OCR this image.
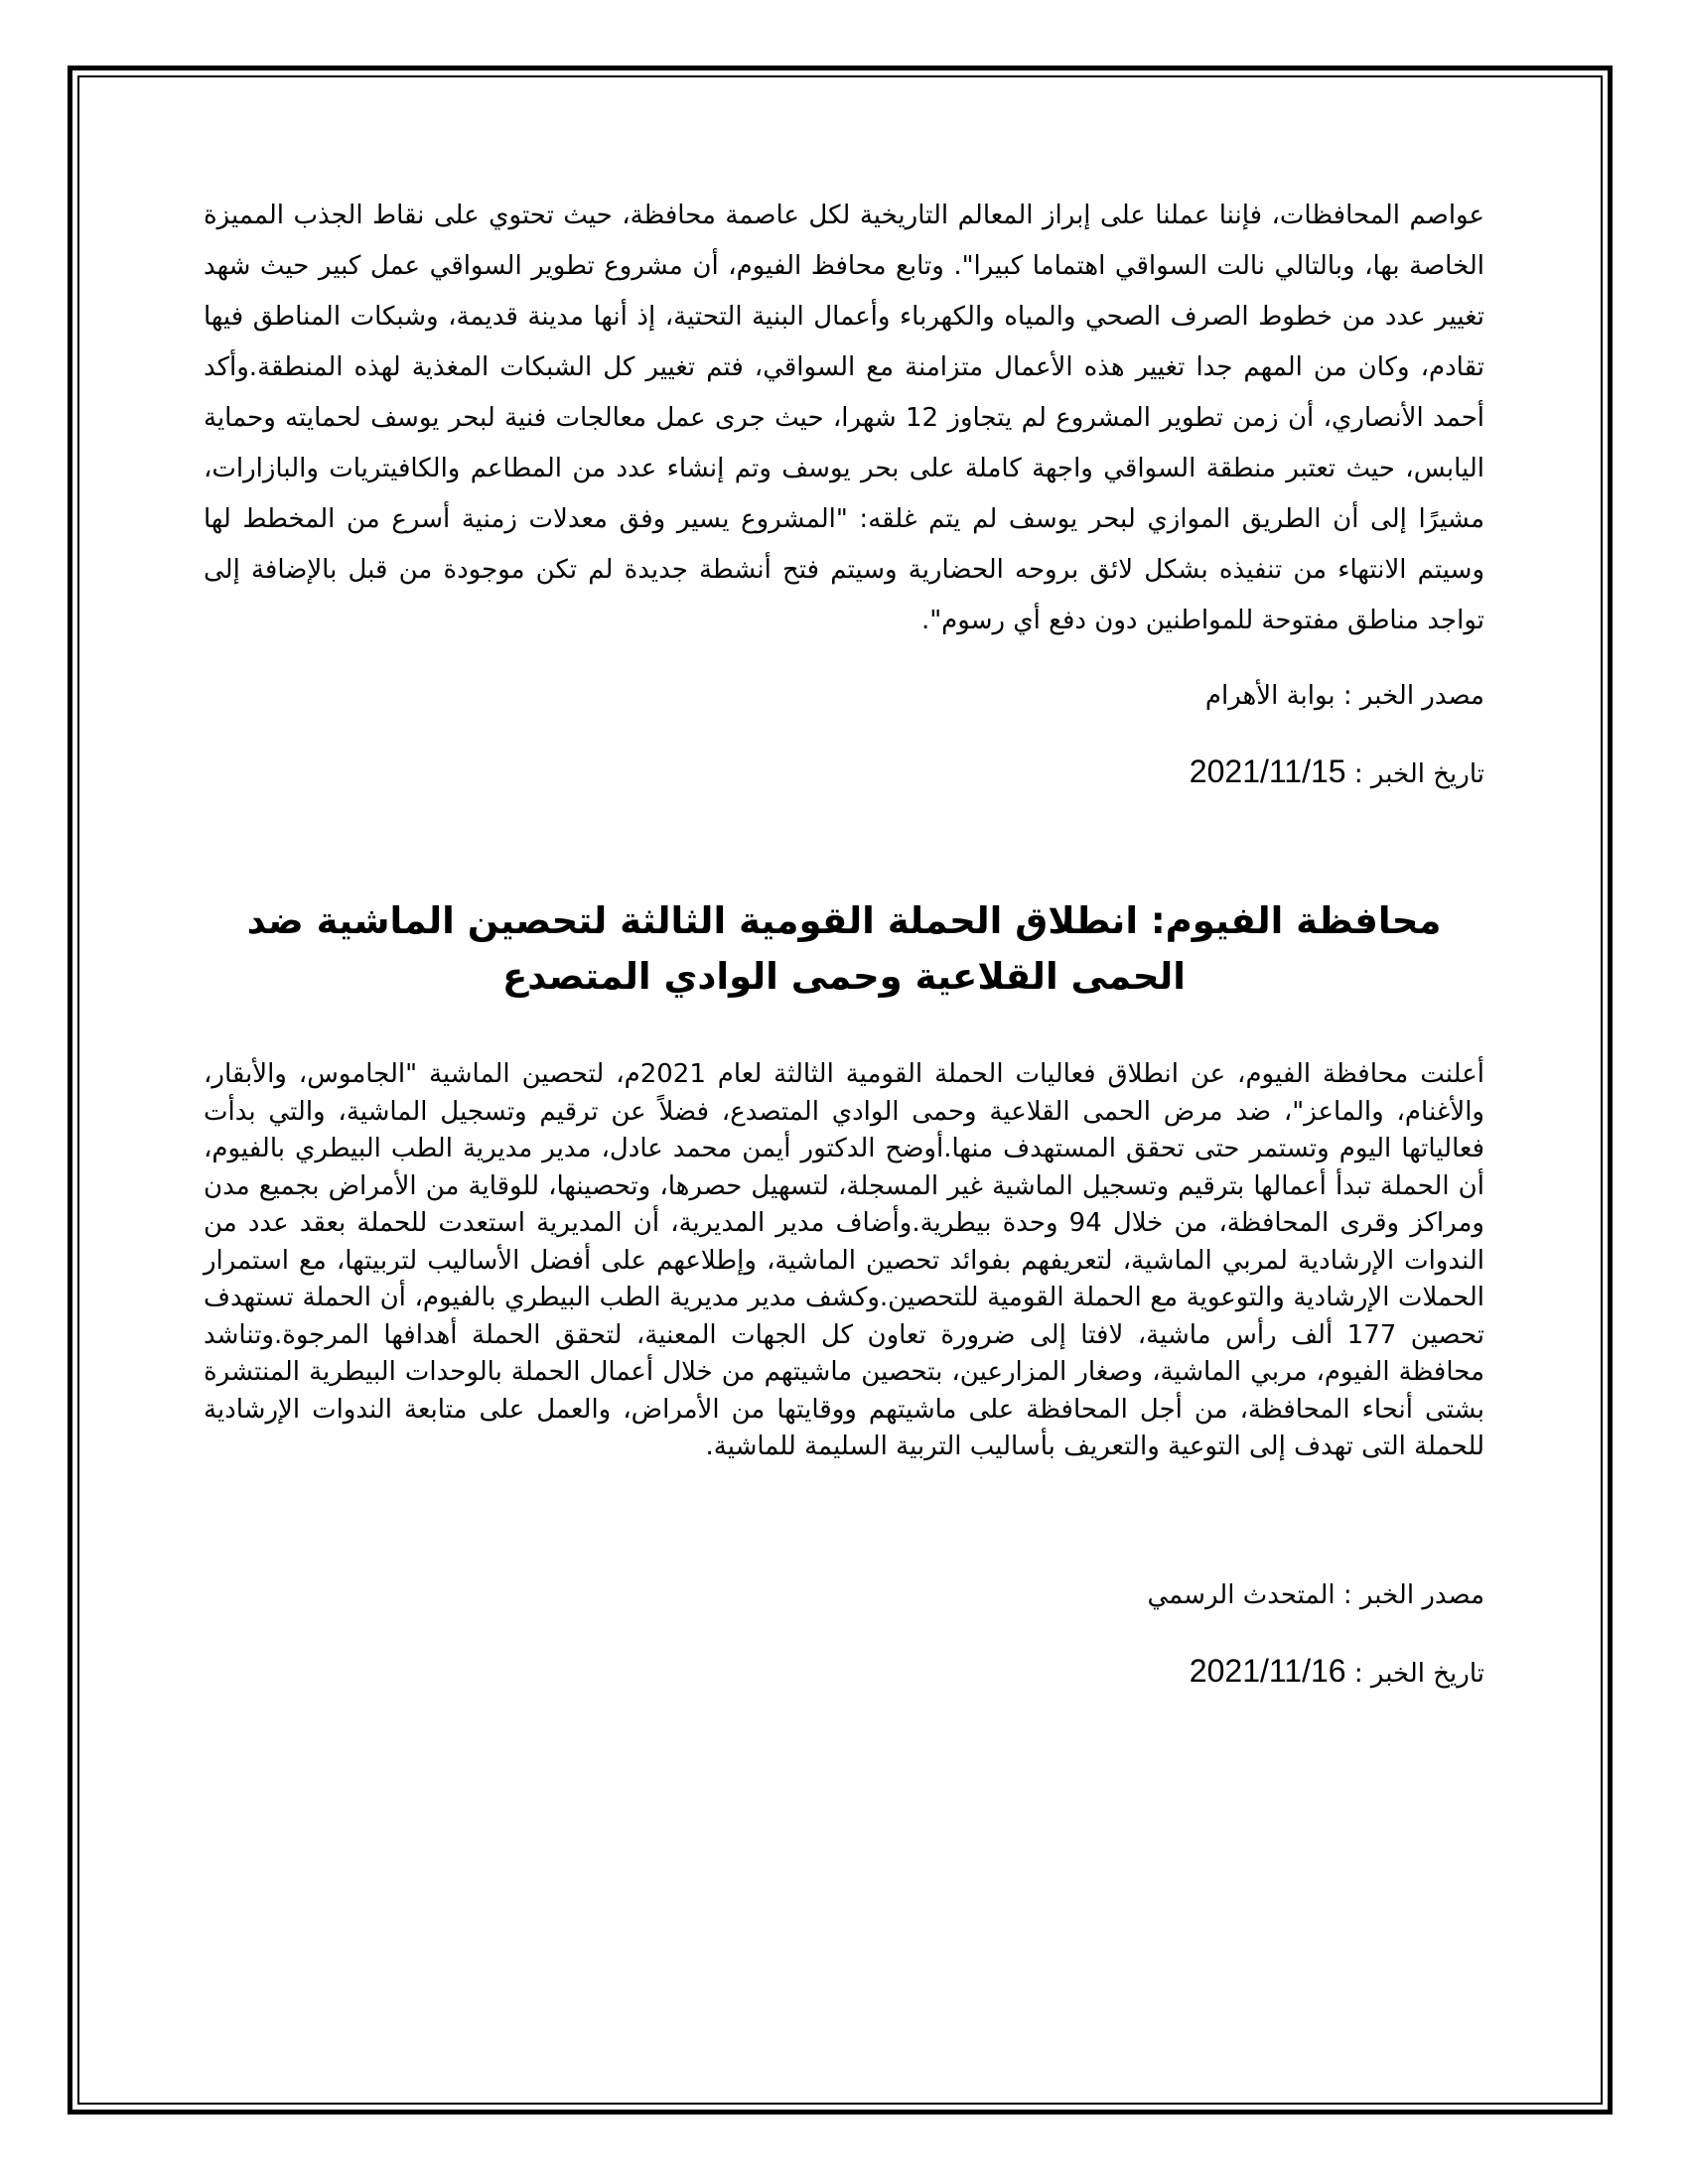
عواصم المحافظات، فإننا عملنا على إبراز المعالم التاريخية لكل عاصمة محافظة، حيث تحتوي على نقاط الجذب المميزة الخاصة بها، وبالتالي نالت السواقي اهتماما كبيرا". وتابع محافظ الفيوم، أن مشروع تطوير السواقي عمل كبير حيث شهد تغيير عدد من خطوط الصرف الصحي والمياه والكهرباء وأعمال البنية التحتية، إذ أنها مدينة قديمة، وشبكات المناطق فيها تقادم، وكان من المهم جدا تغيير هذه الأعمال متزامنة مع السواقي، فتم تغيير كل الشبكات المغذية لهذه المنطقة.وأكد أحمد الأنصاري، أن زمن تطوير المشروع لم يتجاوز 12 شهرا، حيث جرى عمل معالجات فنية لبحر يوسف لحمايته وحماية اليابس، حيث تعتبر منطقة السواقي واجهة كاملة على بحر يوسف وتم إنشاء عدد من المطاعم والكافيتريات والبازارات، مشيرًا إلى أن الطريق الموازي لبحر يوسف لم يتم غلقه: "المشروع يسير وفق معدلات زمنية أسرع من المخطط لها وسيتم الانتهاء من تنفيذه بشكل لائق بروحه الحضارية وسيتم فتح أنشطة جديدة لم تكن موجودة من قبل بالإضافة إلى تواجد مناطق مفتوحة للمواطنين دون دفع أي رسوم".

مصدر الخبر : بوابة الأهرام

تاريخ الخبر : 2021/11/15

محافظة الفيوم: انطلاق الحملة القومية الثالثة لتحصين الماشية ضد الحمى القلاعية وحمى الوادي المتصدع

أعلنت محافظة الفيوم، عن انطلاق فعاليات الحملة القومية الثالثة لعام 2021م، لتحصين الماشية "الجاموس، والأبقار، والأغنام، والماعز"، ضد مرض الحمى القلاعية وحمى الوادي المتصدع، فضلاً عن ترقيم وتسجيل الماشية، والتي بدأت فعالياتها اليوم وتستمر حتى تحقق المستهدف منها.أوضح الدكتور أيمن محمد عادل، مدير مديرية الطب البيطري بالفيوم، أن الحملة تبدأ أعمالها بترقيم وتسجيل الماشية غير المسجلة، لتسهيل حصرها، وتحصينها، للوقاية من الأمراض بجميع مدن ومراكز وقرى المحافظة، من خلال 94 وحدة بيطرية.وأضاف مدير المديرية، أن المديرية استعدت للحملة بعقد عدد من الندوات الإرشادية لمربي الماشية، لتعريفهم بفوائد تحصين الماشية، وإطلاعهم على أفضل الأساليب لتربيتها، مع استمرار الحملات الإرشادية والتوعوية مع الحملة القومية للتحصين.وكشف مدير مديرية الطب البيطري بالفيوم، أن الحملة تستهدف تحصين 177 ألف رأس ماشية، لافتا إلى ضرورة تعاون كل الجهات المعنية، لتحقق الحملة أهدافها المرجوة.وتناشد محافظة الفيوم، مربي الماشية، وصغار المزارعين، بتحصين ماشيتهم من خلال أعمال الحملة بالوحدات البيطرية المنتشرة بشتى أنحاء المحافظة، من أجل المحافظة على ماشيتهم ووقايتها من الأمراض، والعمل على متابعة الندوات الإرشادية للحملة التى تهدف إلى التوعية والتعريف بأساليب التربية السليمة للماشية.

مصدر الخبر : المتحدث الرسمي

تاريخ الخبر : 2021/11/16
